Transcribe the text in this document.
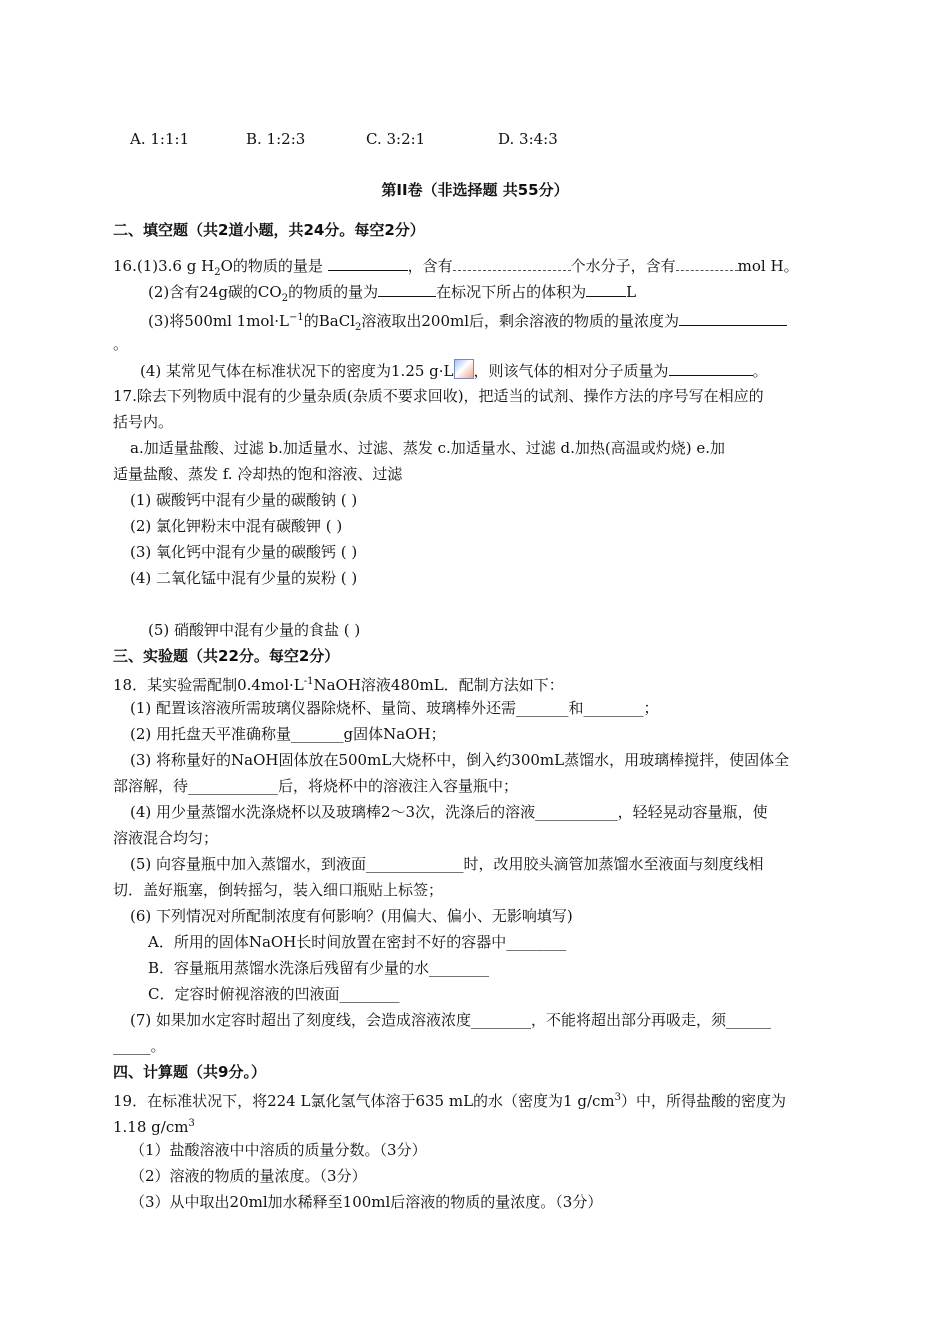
A. 1:1:1	B. 1:2:3	C. 3:2:1	D. 3:4:3
第II卷（非选择题 共55分）
二、填空题（共2道小题，共24分。每空2分）
16.(1)3.6 g $H_2O$的物质的量是	，含有	个水分子，含有	mol H。
(2)含有24g碳的$CO_2$的物质的量为	在标况下所占的体积为	L
(3)将500ml $1mol\cdot L^{-1}$的BaCl$_2$溶液取出200ml后，剩余溶液的物质的量浓度为
。
(4) 某常见气体在标准状况下的密度为1.25 g·L ，则该气体的相对分子质量为	。
17.除去下列物质中混有的少量杂质(杂质不要求回收)，把适当的试剂、操作方法的序号写在相应的
括号内。
a.加适量盐酸、过滤 b.加适量水、过滤、蒸发 c.加适量水、过滤 d.加热(高温或灼烧) e.加
适量盐酸、蒸发 f. 冷却热的饱和溶液、过滤
(1) 碳酸钙中混有少量的碳酸钠 ( )
(2) 氯化钾粉末中混有碳酸钾 ( )
(3) 氧化钙中混有少量的碳酸钙 ( )
(4) 二氧化锰中混有少量的炭粉 ( )
(5) 硝酸钾中混有少量的食盐 ( )
三、实验题（共22分。每空2分）
18．某实验需配制$0.4mol\cdot L^{-1}NaOH$溶液480mL．配制方法如下：
(1) 配置该溶液所需玻璃仪器除烧杯、量筒、玻璃棒外还需_______和________；
(2) 用托盘天平准确称量_______g固体NaOH；
(3) 将称量好的NaOH固体放在500mL大烧杯中，倒入约300mL蒸馏水，用玻璃棒搅拌，使固体全
部溶解，待____________后，将烧杯中的溶液注入容量瓶中；
(4) 用少量蒸馏水洗涤烧杯以及玻璃棒2～3次，洗涤后的溶液___________，轻轻晃动容量瓶，使
溶液混合均匀；
(5) 向容量瓶中加入蒸馏水，到液面_____________时，改用胶头滴管加蒸馏水至液面与刻度线相
切．盖好瓶塞，倒转摇匀，装入细口瓶贴上标签；
(6) 下列情况对所配制浓度有何影响？(用偏大、偏小、无影响填写)
A．所用的固体NaOH长时间放置在密封不好的容器中________
B．容量瓶用蒸馏水洗涤后残留有少量的水________
C．定容时俯视溶液的凹液面________
(7) 如果加水定容时超出了刻度线，会造成溶液浓度________，不能将超出部分再吸走，须______
_____。
四、计算题（共9分。）
19．在标准状况下，将224 L氯化氢气体溶于635 mL的水（密度为1 $g/cm^3$）中，所得盐酸的密度为
1.18 $g/cm^3$
（1）盐酸溶液中中溶质的质量分数。（3分）
（2）溶液的物质的量浓度。（3分）
（3）从中取出20ml加水稀释至100ml后溶液的物质的量浓度。（3分）
